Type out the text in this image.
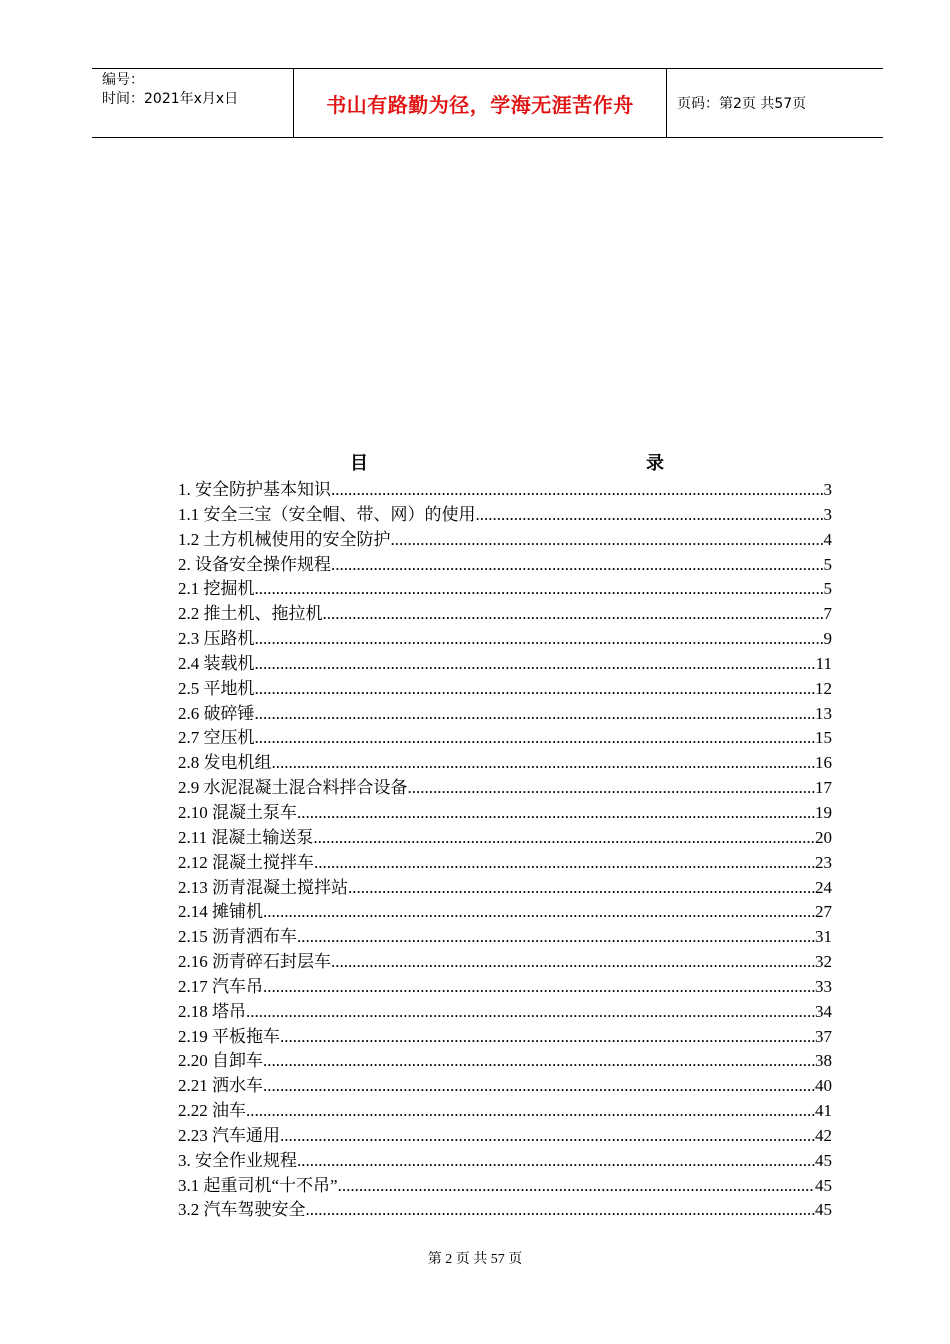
编号：
时间：2021年x月x日	书山有路勤为径，学海无涯苦作舟	页码：第2页 共57页
目	录
1. 安全防护基本知识 .....	3
1.1 安全三宝（安全帽、带、网）的使用 .....	3
1.2 土方机械使用的安全防护 .....	4
2. 设备安全操作规程 .....	5
2.1 挖掘机 .....	5
2.2 推土机、拖拉机 .....	7
2.3 压路机 .....	9
2.4 装载机 .....	11
2.5 平地机 .....	12
2.6 破碎锤 .....	13
2.7 空压机 .....	15
2.8 发电机组 .....	16
2.9 水泥混凝土混合料拌合设备 .....	17
2.10 混凝土泵车 .....	19
2.11 混凝土输送泵 .....	20
2.12 混凝土搅拌车 .....	23
2.13 沥青混凝土搅拌站 .....	24
2.14 摊铺机 .....	27
2.15 沥青洒布车 .....	31
2.16 沥青碎石封层车 .....	32
2.17 汽车吊 .....	33
2.18 塔吊 .....	34
2.19 平板拖车 .....	37
2.20 自卸车 .....	38
2.21 洒水车 .....	40
2.22 油车 .....	41
2.23 汽车通用 .....	42
3. 安全作业规程 .....	45
3.1 起重司机“十不吊” .....	45
3.2 汽车驾驶安全 .....	45
第 2 页 共 57 页
